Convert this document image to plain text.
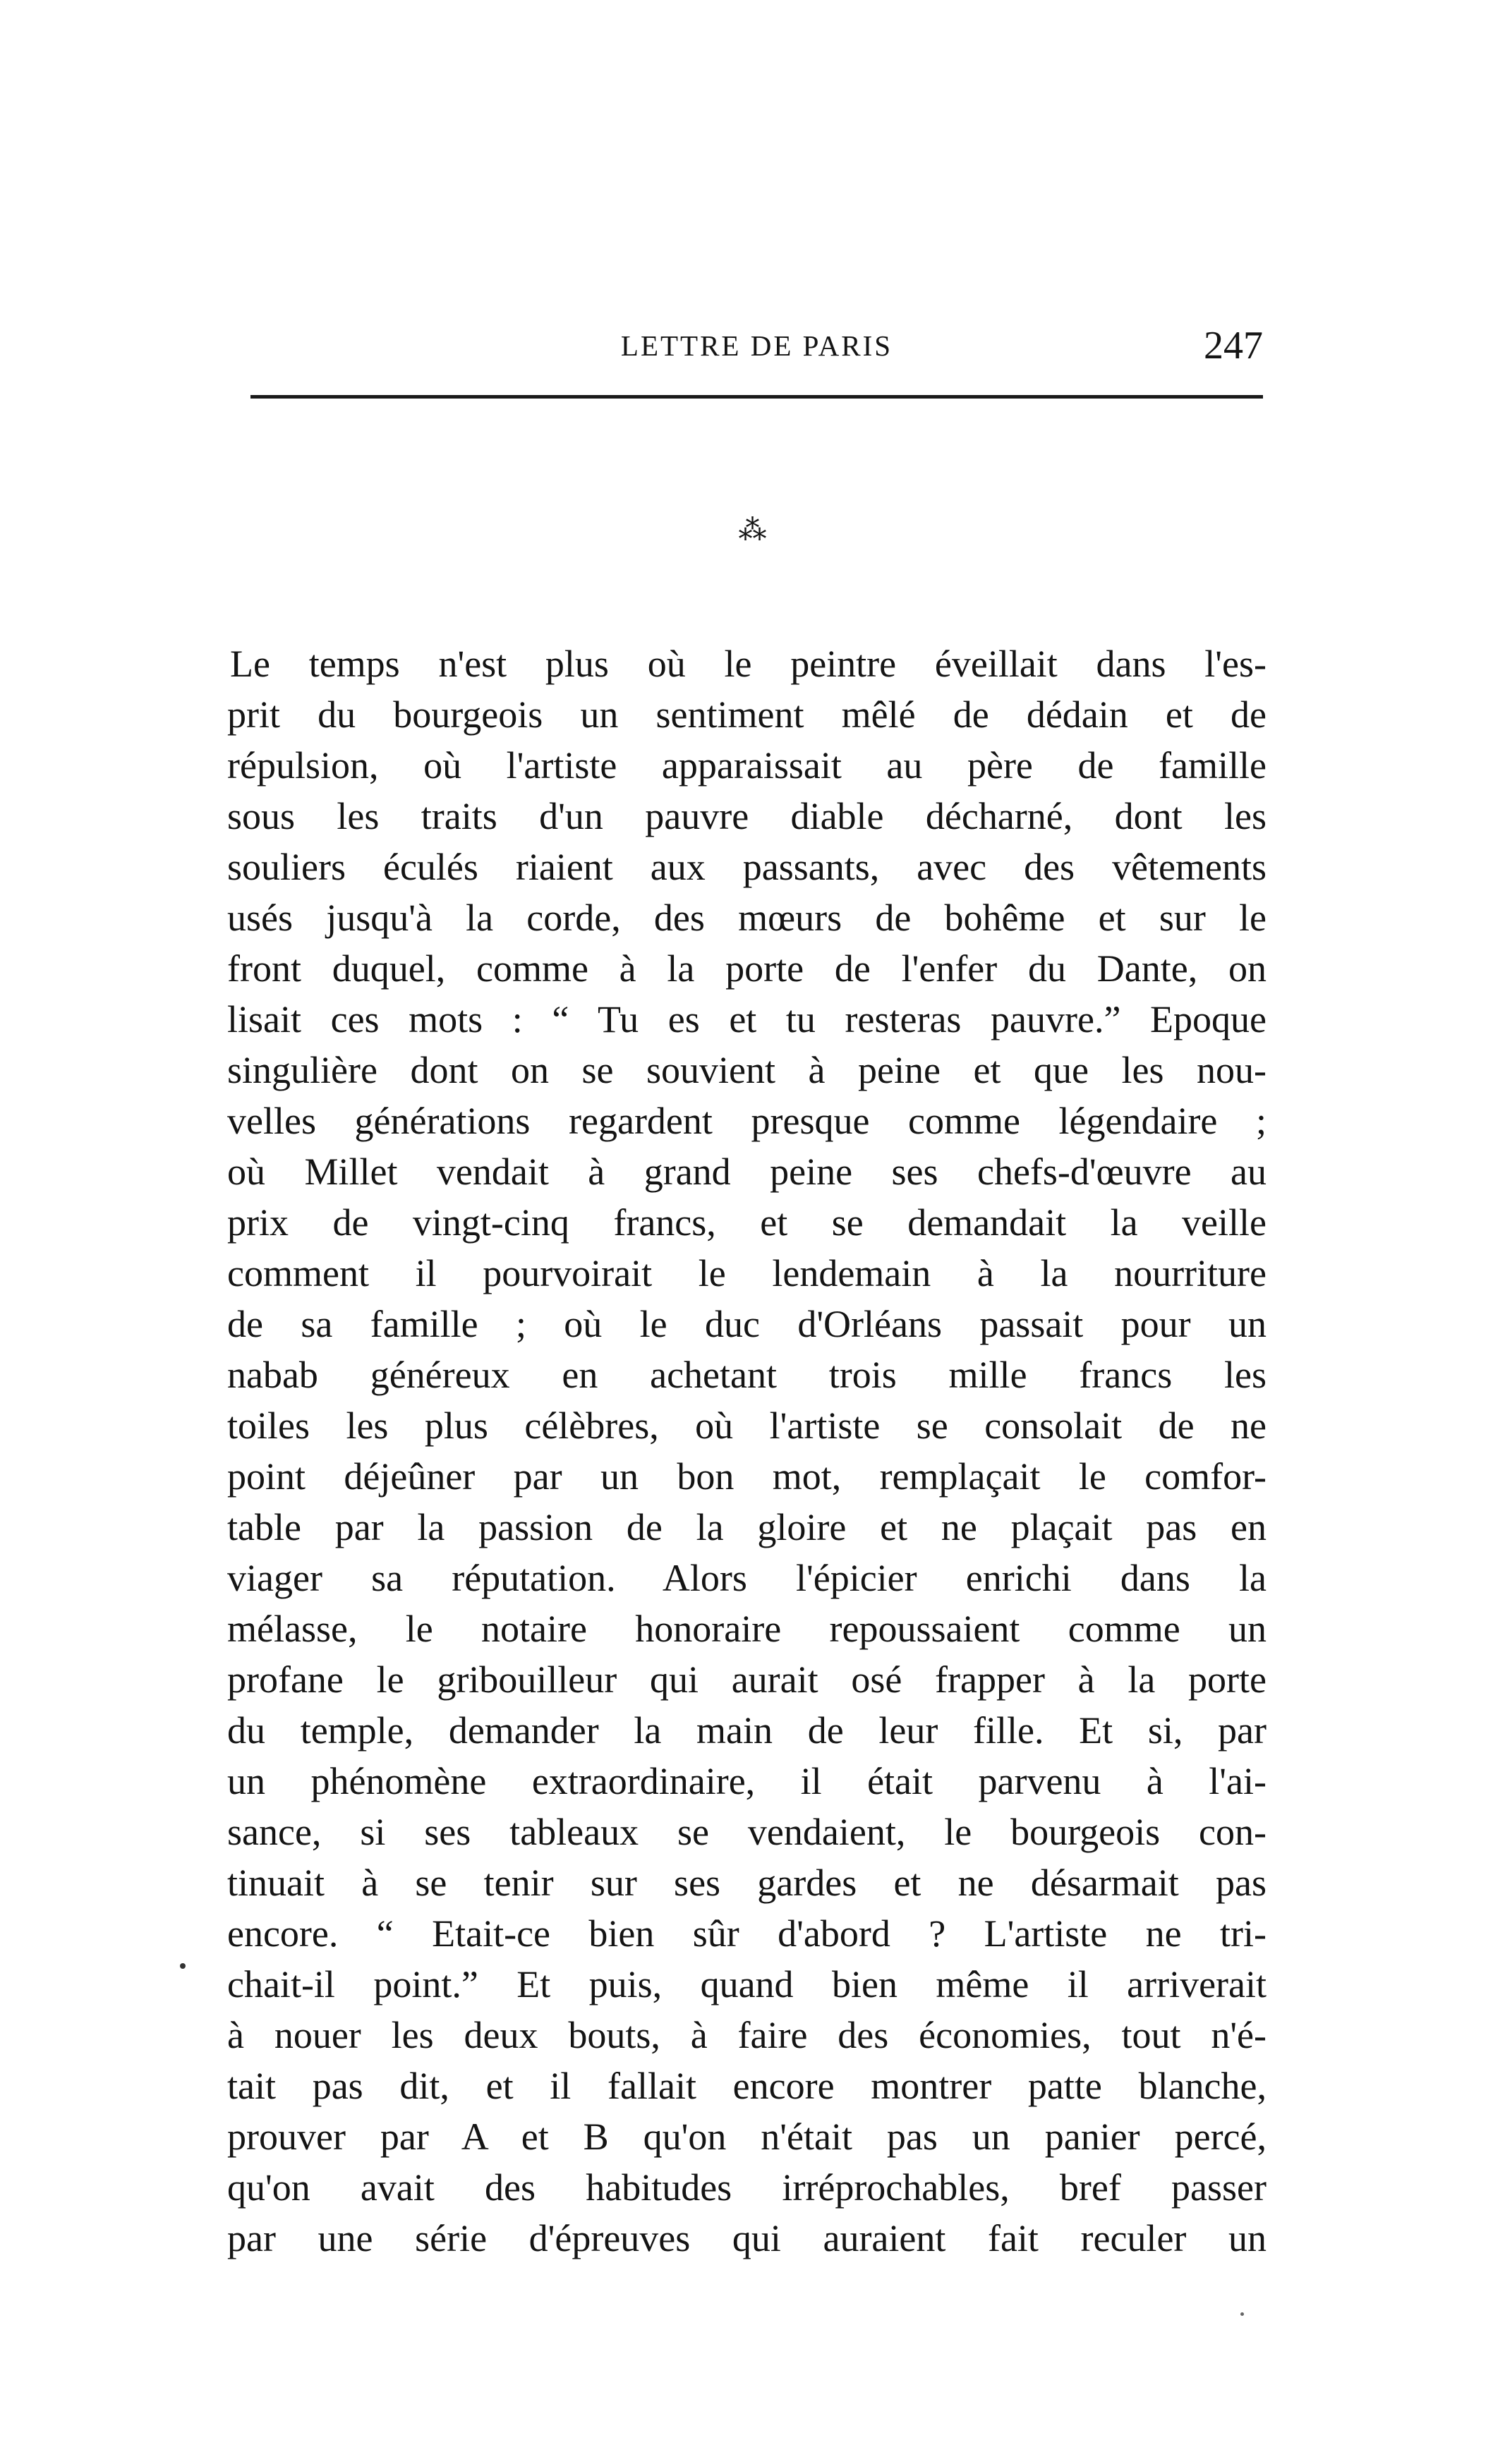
LETTRE DE PARIS	247
⁂
Le temps n'est plus où le peintre éveillait dans l'es-
prit du bourgeois un sentiment mêlé de dédain et de
répulsion, où l'artiste apparaissait au père de famille
sous les traits d'un pauvre diable décharné, dont les
souliers éculés riaient aux passants, avec des vêtements
usés jusqu'à la corde, des mœurs de bohême et sur le
front duquel, comme à la porte de l'enfer du Dante, on
lisait ces mots : “ Tu es et tu resteras pauvre.” Epoque
singulière dont on se souvient à peine et que les nou-
velles générations regardent presque comme légendaire ;
où Millet vendait à grand peine ses chefs-d'œuvre au
prix de vingt-cinq francs, et se demandait la veille
comment il pourvoirait le lendemain à la nourriture
de sa famille ; où le duc d'Orléans passait pour un
nabab généreux en achetant trois mille francs les
toiles les plus célèbres, où l'artiste se consolait de ne
point déjeûner par un bon mot, remplaçait le comfor-
table par la passion de la gloire et ne plaçait pas en
viager sa réputation. Alors l'épicier enrichi dans la
mélasse, le notaire honoraire repoussaient comme un
profane le gribouilleur qui aurait osé frapper à la porte
du temple, demander la main de leur fille. Et si, par
un phénomène extraordinaire, il était parvenu à l'ai-
sance, si ses tableaux se vendaient, le bourgeois con-
tinuait à se tenir sur ses gardes et ne désarmait pas
encore. “ Etait-ce bien sûr d'abord ? L'artiste ne tri-
chait-il point.” Et puis, quand bien même il arriverait
à nouer les deux bouts, à faire des économies, tout n'é-
tait pas dit, et il fallait encore montrer patte blanche,
prouver par A et B qu'on n'était pas un panier percé,
qu'on avait des habitudes irréprochables, bref passer
par une série d'épreuves qui auraient fait reculer un
